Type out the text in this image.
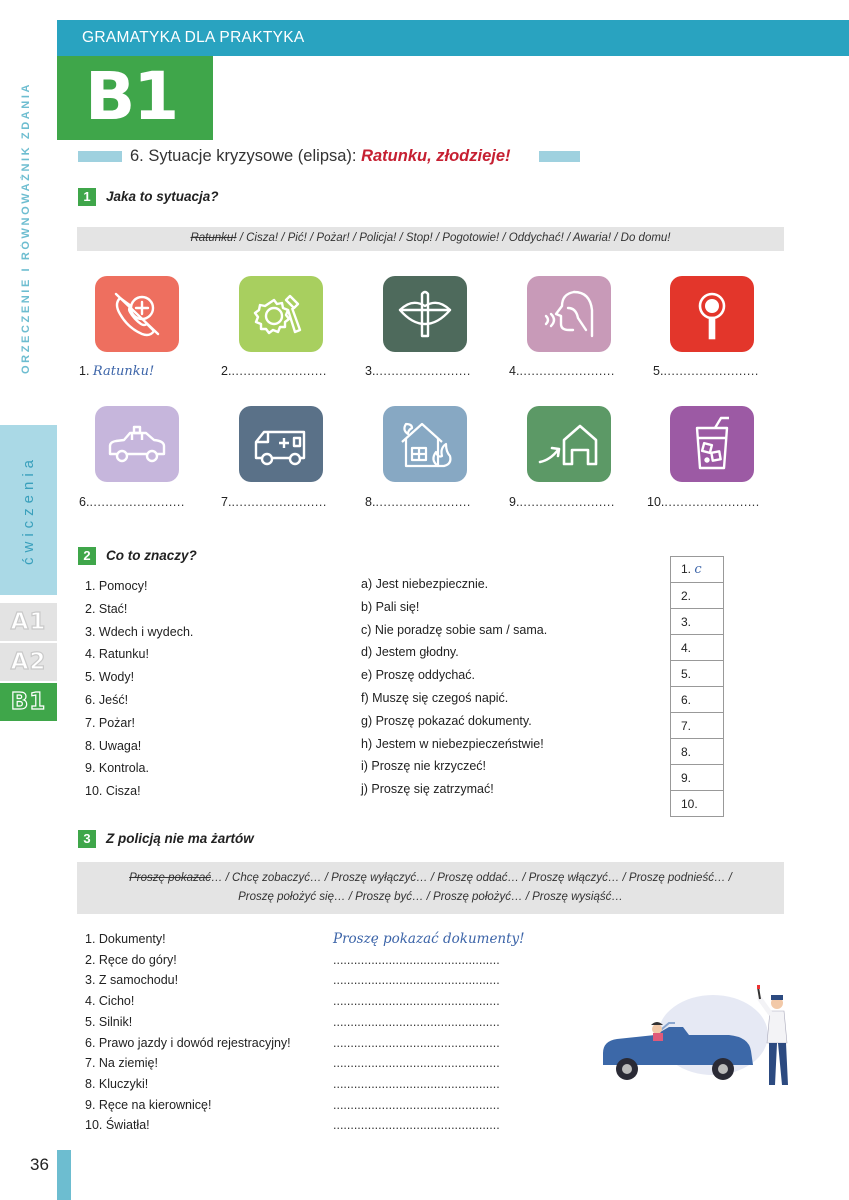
ORZECZENIE I RÓWNOWAŻNIK ZDANIA
ćwiczenia
A1
A2
B1
36
GRAMATYKA DLA PRAKTYKA
B1
6. Sytuacje kryzysowe (elipsa): Ratunku, złodzieje!
1	Jaka to sytuacja?
Ratunku! / Cisza! / Pić! / Pożar! / Policja! / Stop! / Pogotowie! / Oddychać! / Awaria! / Do domu!
1. Ratunku!	2.........................	3.........................	4.........................	5.........................
6.........................	7.........................	8.........................	9.........................	10.........................
2	Co to znaczy?
1. Pomocy!
2. Stać!
3. Wdech i wydech.
4. Ratunku!
5. Wody!
6. Jeść!
7. Pożar!
8. Uwaga!
9. Kontrola.
10. Cisza!
a) Jest niebezpiecznie.
b) Pali się!
c) Nie poradzę sobie sam / sama.
d) Jestem głodny.
e) Proszę oddychać.
f) Muszę się czegoś napić.
g) Proszę pokazać dokumenty.
h) Jestem w niebezpieczeństwie!
i) Proszę nie krzyczeć!
j) Proszę się zatrzymać!
1. c
2.
3.
4.
5.
6.
7.
8.
9.
10.
3	Z policją nie ma żartów
Proszę pokazać… / Chcę zobaczyć… / Proszę wyłączyć… / Proszę oddać… / Proszę włączyć… / Proszę podnieść… /
Proszę położyć się… / Proszę być… / Proszę położyć… / Proszę wysiąść…
1. Dokumenty!
2. Ręce do góry!
3. Z samochodu!
4. Cicho!
5. Silnik!
6. Prawo jazdy i dowód rejestracyjny!
7. Na ziemię!
8. Kluczyki!
9. Ręce na kierownicę!
10. Światła!
Proszę pokazać dokumenty!
................................................
................................................
................................................
................................................
................................................
................................................
................................................
................................................
................................................
